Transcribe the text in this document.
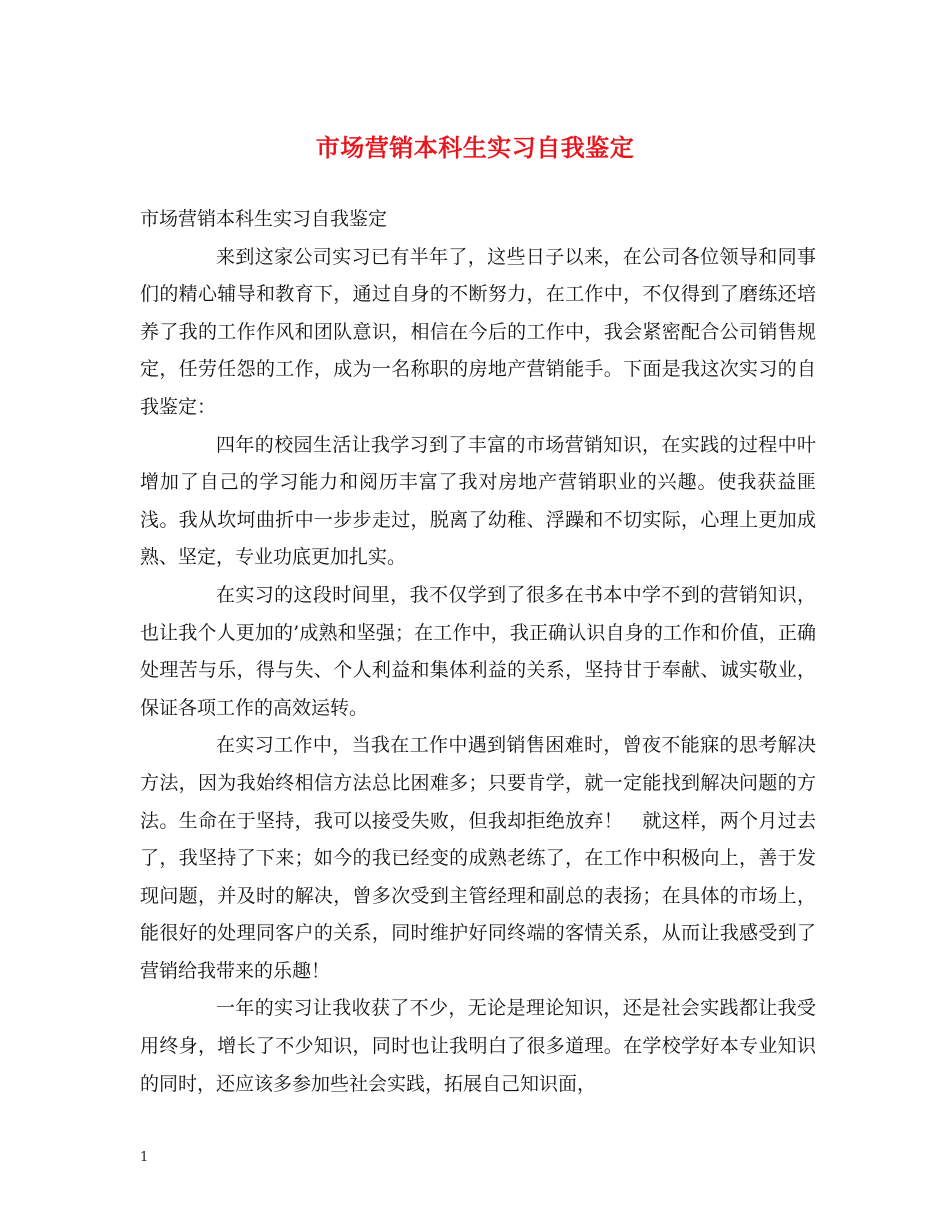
市场营销本科生实习自我鉴定

市场营销本科生实习自我鉴定

来到这家公司实习已有半年了，这些日子以来，在公司各位领导和同事们的精心辅导和教育下，通过自身的不断努力，在工作中，不仅得到了磨练还培养了我的工作作风和团队意识，相信在今后的工作中，我会紧密配合公司销售规定，任劳任怨的工作，成为一名称职的房地产营销能手。下面是我这次实习的自我鉴定：

四年的校园生活让我学习到了丰富的市场营销知识，在实践的过程中叶增加了自己的学习能力和阅历丰富了我对房地产营销职业的兴趣。使我获益匪浅。我从坎坷曲折中一步步走过，脱离了幼稚、浮躁和不切实际，心理上更加成熟、坚定，专业功底更加扎实。

在实习的这段时间里，我不仅学到了很多在书本中学不到的营销知识，也让我个人更加的’成熟和坚强；在工作中，我正确认识自身的工作和价值，正确处理苦与乐，得与失、个人利益和集体利益的关系，坚持甘于奉献、诚实敬业，保证各项工作的高效运转。

在实习工作中，当我在工作中遇到销售困难时，曾夜不能寐的思考解决方法，因为我始终相信方法总比困难多；只要肯学，就一定能找到解决问题的方法。生命在于坚持，我可以接受失败，但我却拒绝放弃！　就这样，两个月过去了，我坚持了下来；如今的我已经变的成熟老练了，在工作中积极向上，善于发现问题，并及时的解决，曾多次受到主管经理和副总的表扬；在具体的市场上，能很好的处理同客户的关系，同时维护好同终端的客情关系，从而让我感受到了营销给我带来的乐趣！

一年的实习让我收获了不少，无论是理论知识，还是社会实践都让我受用终身，增长了不少知识，同时也让我明白了很多道理。在学校学好本专业知识的同时，还应该多参加些社会实践，拓展自己知识面，

1
